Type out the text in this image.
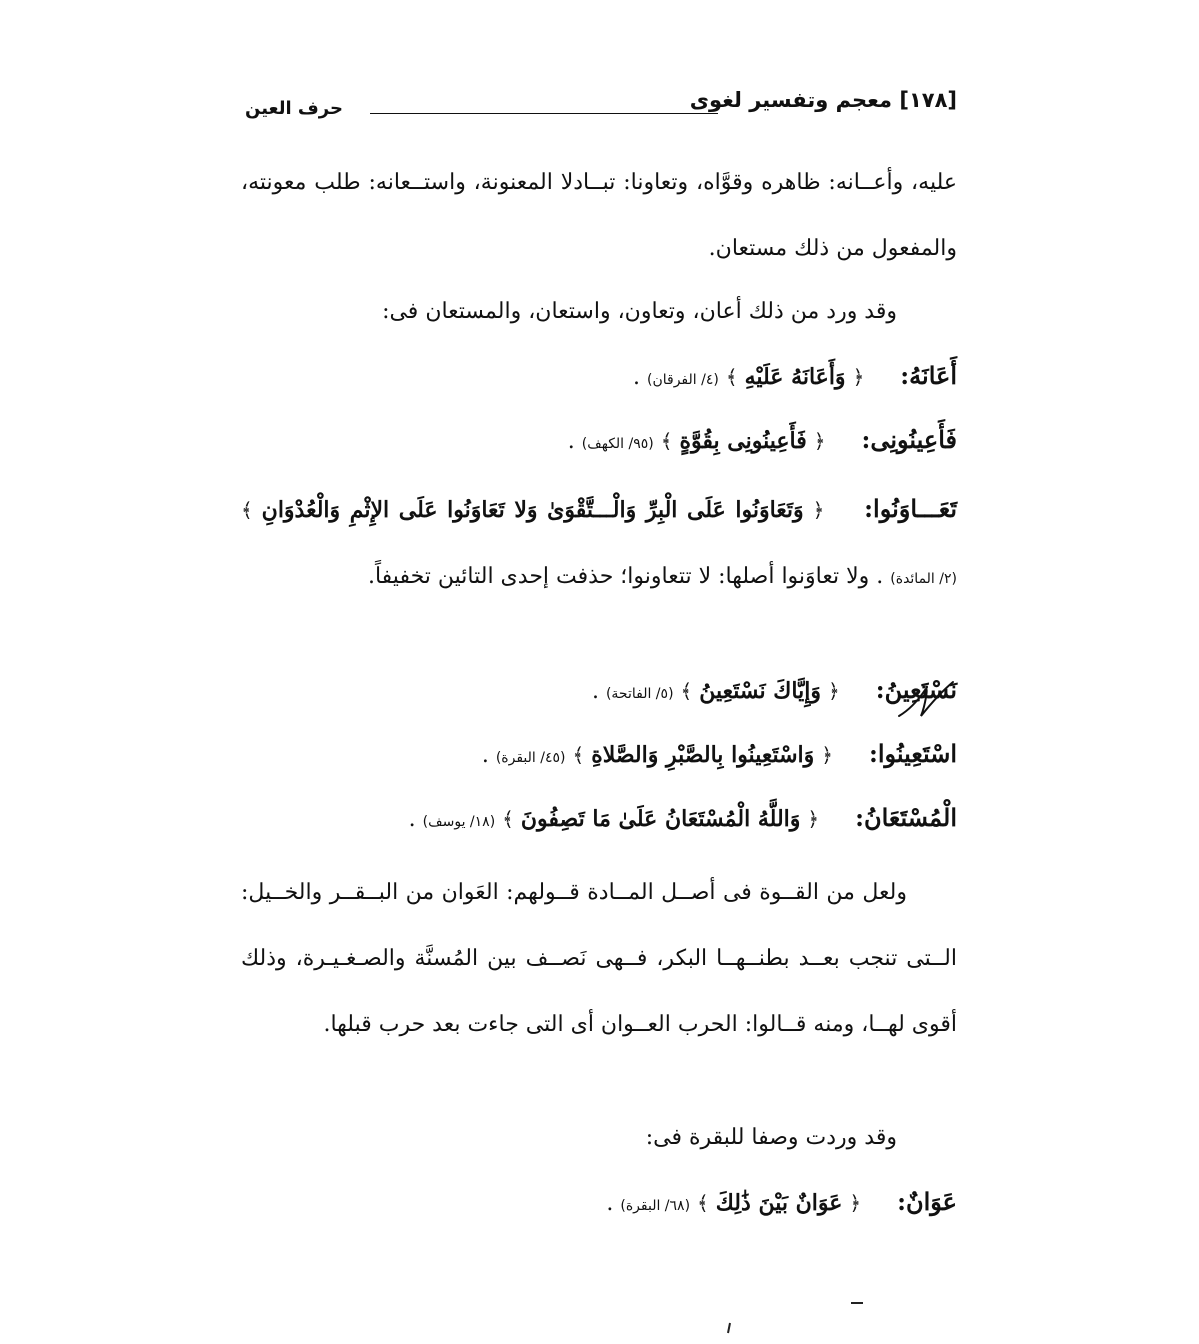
[١٧٨] معجم وتفسير لغوى
حرف العين
عليه، وأعــانه: ظاهره وقوَّاه، وتعاونا: تبــادلا المعنونة، واستــعانه: طلب معونته، والمفعول من ذلك مستعان.
وقد ورد من ذلك أعان، وتعاون، واستعان، والمستعان فى:
أَعَانَهُ:  ﴿ وَأَعَانَهُ عَلَيْهِ ﴾ (٤/ الفرقان) .
فَأَعِينُونِى:  ﴿ فَأَعِينُونِى بِقُوَّةٍ ﴾ (٩٥/ الكهف) .
تَعَـــاوَنُوا:  ﴿ وَتَعَاوَنُوا عَلَى الْبِرِّ وَالْـــتَّقْوَىٰ وَلا تَعَاوَنُوا عَلَى الإِثْمِ وَالْعُدْوَانِ ﴾ (٢/ المائدة) . ولا تعاوَنوا أصلها: لا تتعاونوا؛ حذفت إحدى التائين تخفيفاً.
نَسْتَعِينُ:  ﴿ وَإِيَّاكَ نَسْتَعِينُ ﴾ (٥/ الفاتحة) .
اسْتَعِينُوا:  ﴿ وَاسْتَعِينُوا بِالصَّبْرِ وَالصَّلاةِ ﴾ (٤٥/ البقرة) .
الْمُسْتَعَانُ:  ﴿ وَاللَّهُ الْمُسْتَعَانُ عَلَىٰ مَا تَصِفُونَ ﴾ (١٨/ يوسف) .
ولعل من القــوة فى أصــل المــادة قــولهم: العَوان من البــقــر والخــيل: الــتى تنجب بعــد بطنــهــا البكر، فــهى نَصــف بين المُسنَّة والصـغـيـرة، وذلك أقوى لهــا، ومنه قــالوا: الحرب العــوان أى التى جاءت بعد حرب قبلها.
وقد وردت وصفا للبقرة فى:
عَوَانٌ:  ﴿ عَوَانٌ بَيْنَ ذَٰلِكَ ﴾ (٦٨/ البقرة) .
